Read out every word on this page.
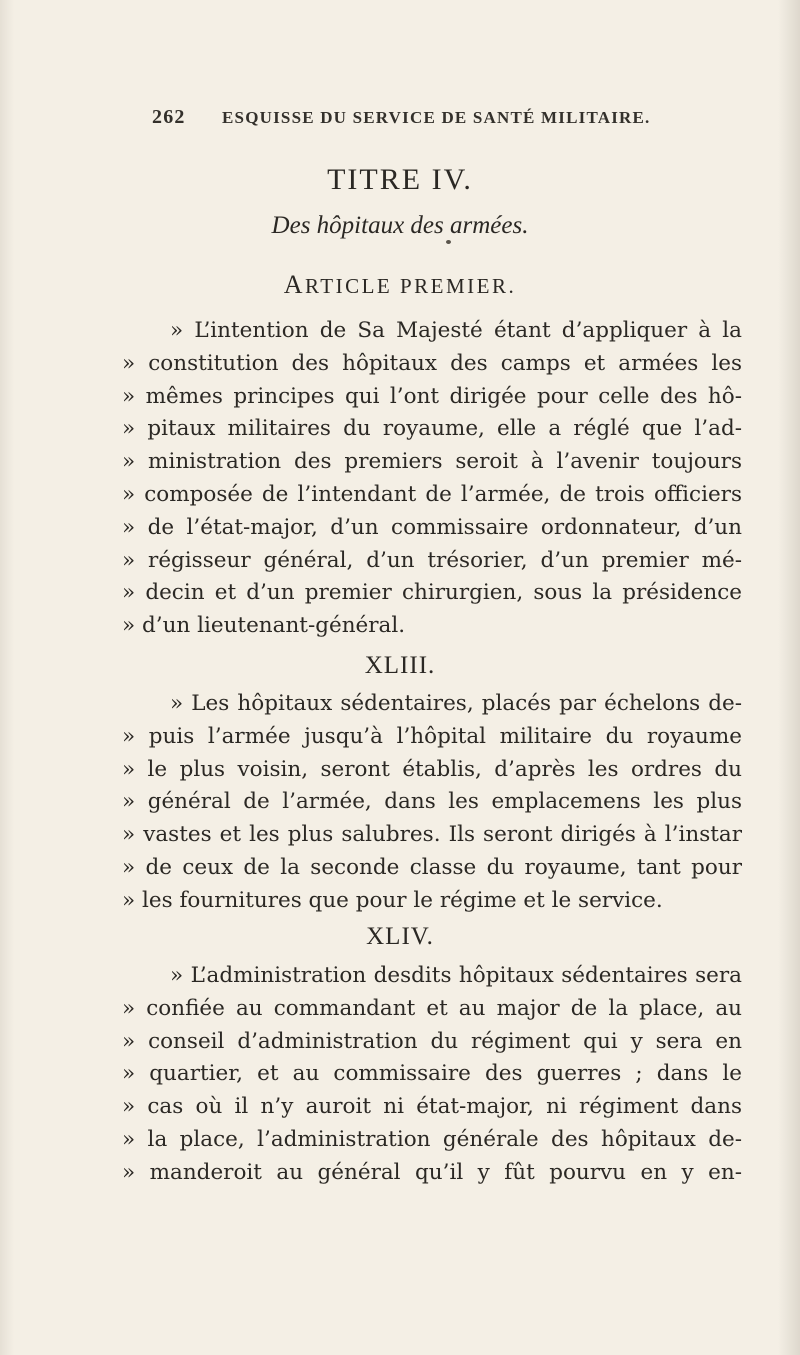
262 ESQUISSE DU SERVICE DE SANTÉ MILITAIRE.
TITRE IV.
Des hôpitaux des armées.
ARTICLE PREMIER.
» L’intention de Sa Majesté étant d’appliquer à la
» constitution des hôpitaux des camps et armées les
» mêmes principes qui l’ont dirigée pour celle des hô-
» pitaux militaires du royaume, elle a réglé que l’ad-
» ministration des premiers seroit à l’avenir toujours
» composée de l’intendant de l’armée, de trois officiers
» de l’état-major, d’un commissaire ordonnateur, d’un
» régisseur général, d’un trésorier, d’un premier mé-
» decin et d’un premier chirurgien, sous la présidence
» d’un lieutenant-général.
XLIII.
» Les hôpitaux sédentaires, placés par échelons de-
» puis l’armée jusqu’à l’hôpital militaire du royaume
» le plus voisin, seront établis, d’après les ordres du
» général de l’armée, dans les emplacemens les plus
» vastes et les plus salubres. Ils seront dirigés à l’instar
» de ceux de la seconde classe du royaume, tant pour
» les fournitures que pour le régime et le service.
XLIV.
» L’administration desdits hôpitaux sédentaires sera
» confiée au commandant et au major de la place, au
» conseil d’administration du régiment qui y sera en
» quartier, et au commissaire des guerres ; dans le
» cas où il n’y auroit ni état-major, ni régiment dans
» la place, l’administration générale des hôpitaux de-
» manderoit au général qu’il y fût pourvu en y en-
